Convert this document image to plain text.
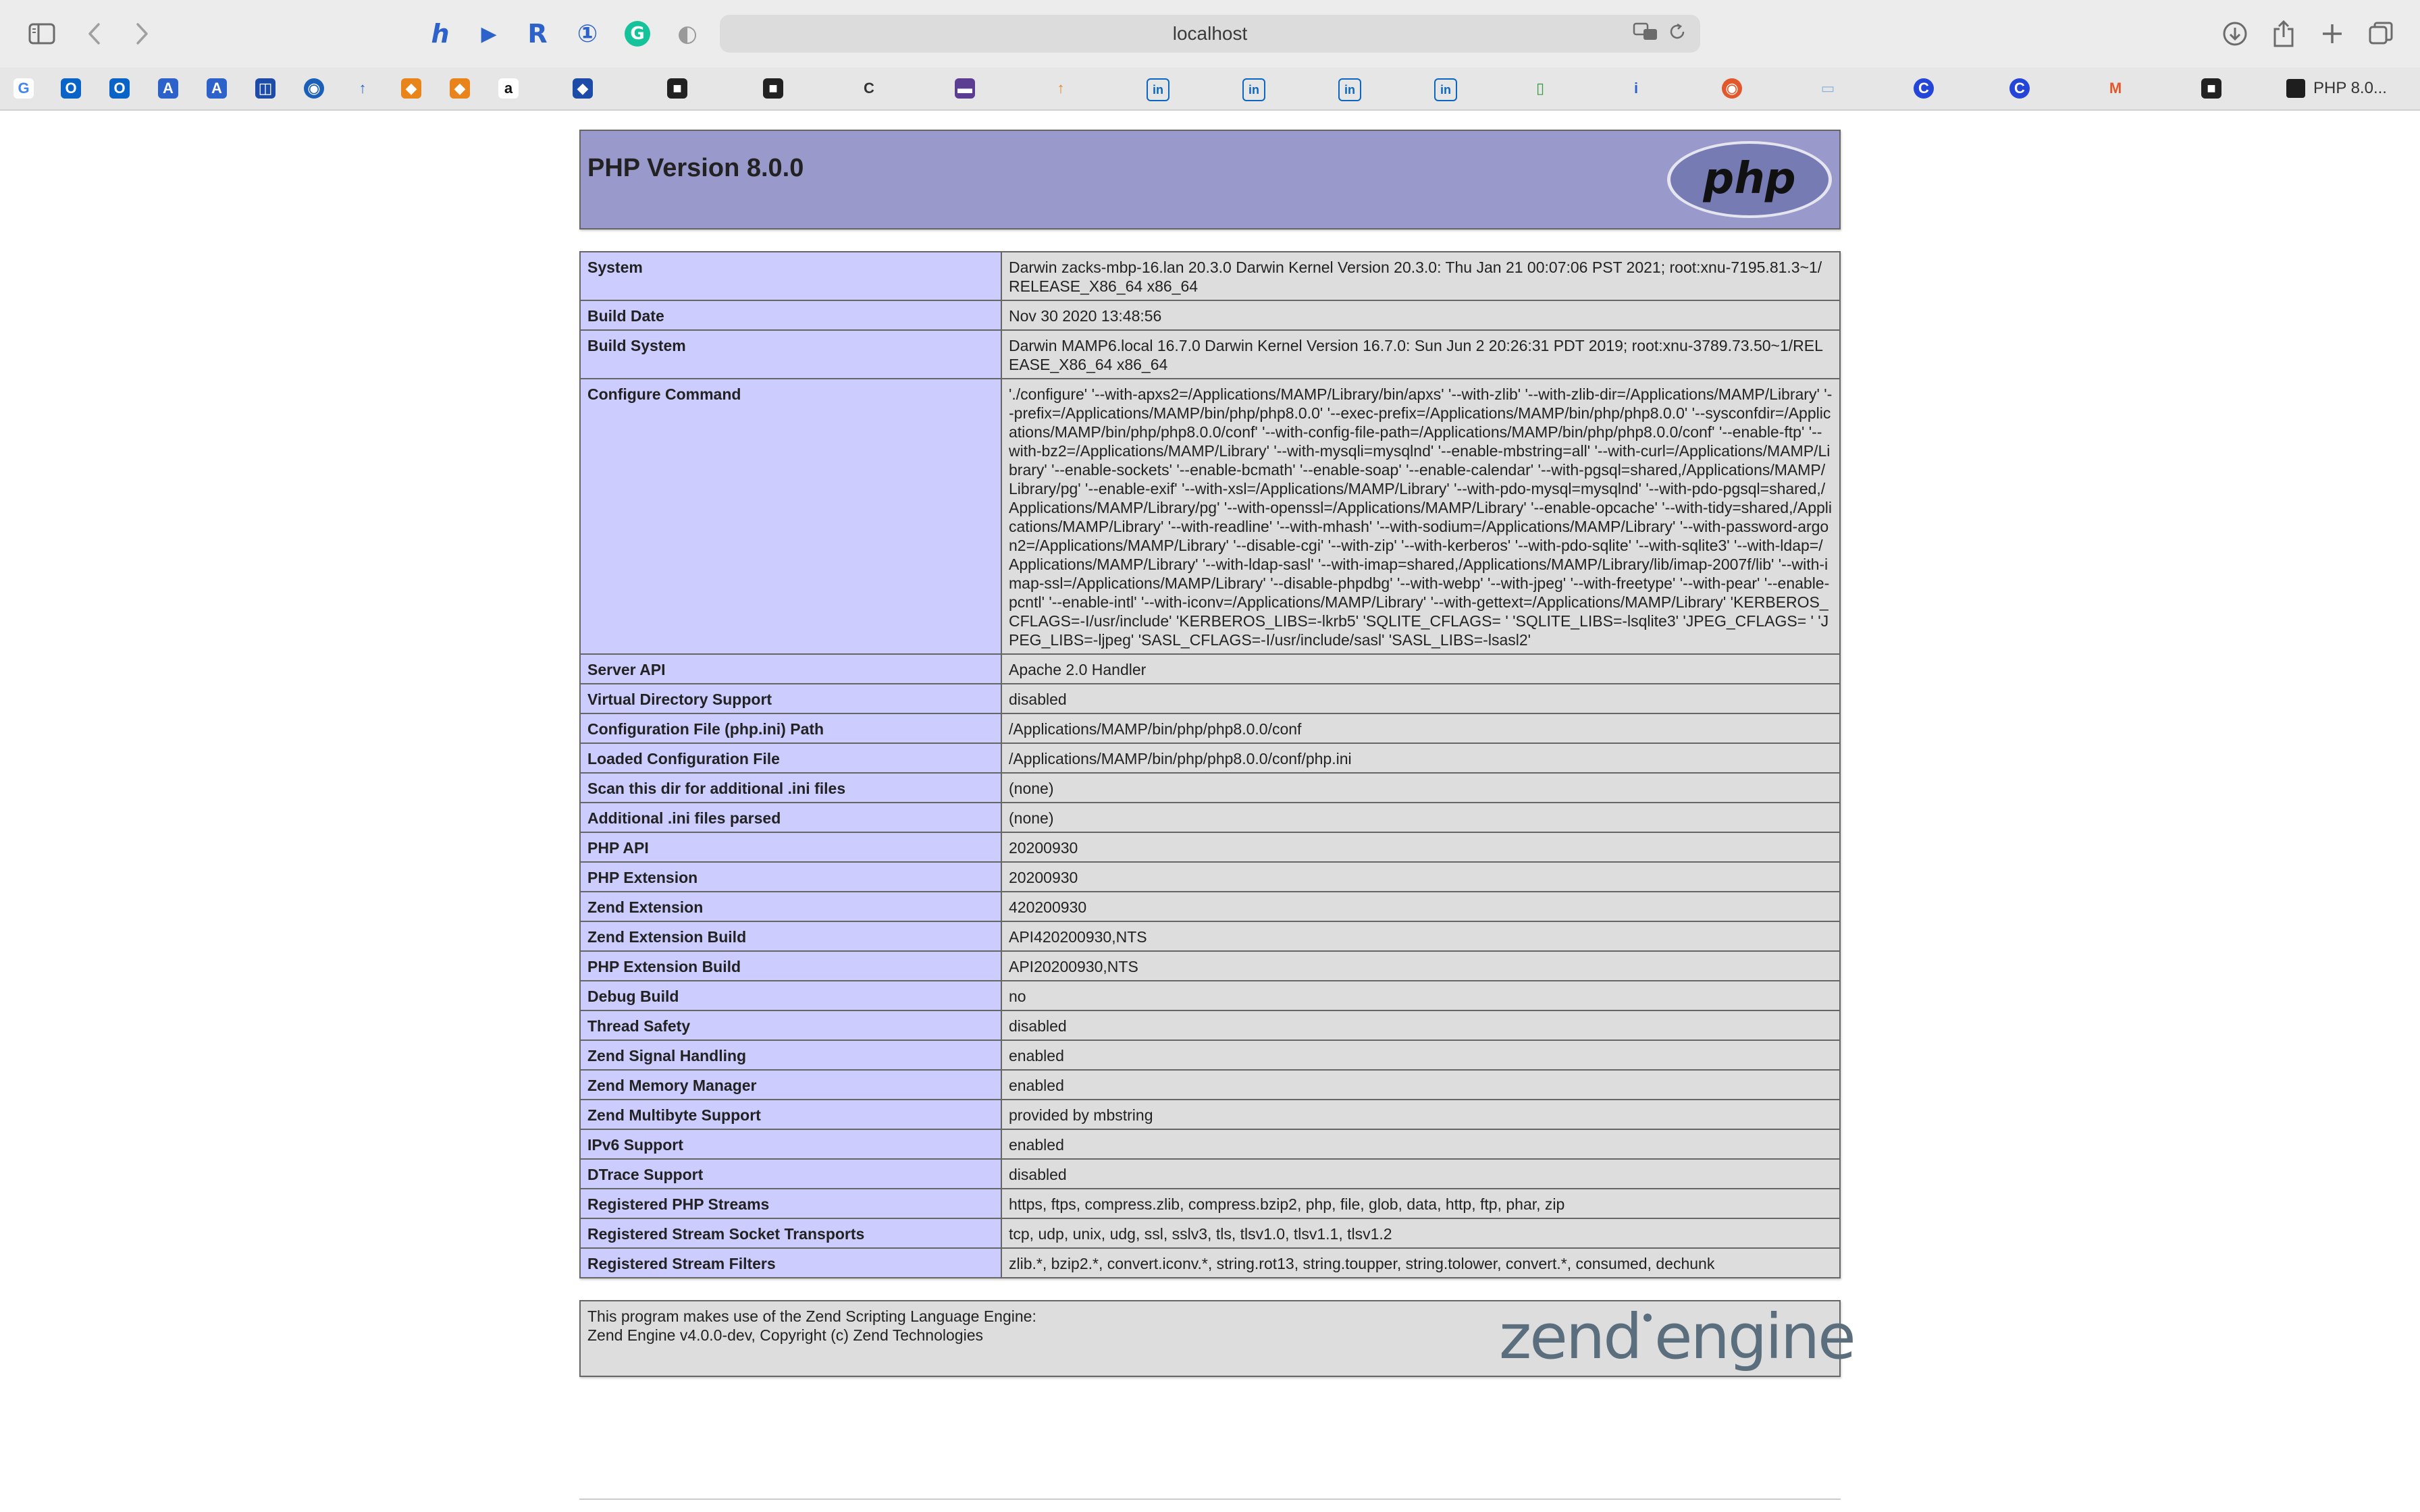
h	▶ R ①	G ◐	localhost
G O O	A	A	◫ ◉	↑	◆	◆	a	◆	■	■	C	▬	↑	in	in	in	in	▯	i	◉	▭	C	C	M	■	PHP 8.0...
PHP Version 8.0.0	php
System	Darwin zacks-mbp-16.lan 20.3.0 Darwin Kernel Version 20.3.0: Thu Jan 21 00:07:06 PST 2021; root:xnu-7195.81.3~1/RELEASE_X86_64 x86_64
Build Date	Nov 30 2020 13:48:56
Build System	Darwin MAMP6.local 16.7.0 Darwin Kernel Version 16.7.0: Sun Jun 2 20:26:31 PDT 2019; root:xnu-3789.73.50~1/RELEASE_X86_64 x86_64
Configure Command	'./configure' '--with-apxs2=/Applications/MAMP/Library/bin/apxs' '--with-zlib' '--with-zlib-dir=/Applications/MAMP/Library' '--prefix=/Applications/MAMP/bin/php/php8.0.0' '--exec-prefix=/Applications/MAMP/bin/php/php8.0.0' '--sysconfdir=/Applications/MAMP/bin/php/php8.0.0/conf' '--with-config-file-path=/Applications/MAMP/bin/php/php8.0.0/conf' '--enable-ftp' '--with-bz2=/Applications/MAMP/Library' '--with-mysqli=mysqlnd' '--enable-mbstring=all' '--with-curl=/Applications/MAMP/Library' '--enable-sockets' '--enable-bcmath' '--enable-soap' '--enable-calendar' '--with-pgsql=shared,/Applications/MAMP/Library/pg' '--enable-exif' '--with-xsl=/Applications/MAMP/Library' '--with-pdo-mysql=mysqlnd' '--with-pdo-pgsql=shared,/Applications/MAMP/Library/pg' '--with-openssl=/Applications/MAMP/Library' '--enable-opcache' '--with-tidy=shared,/Applications/MAMP/Library' '--with-readline' '--with-mhash' '--with-sodium=/Applications/MAMP/Library' '--with-password-argon2=/Applications/MAMP/Library' '--disable-cgi' '--with-zip' '--with-kerberos' '--with-pdo-sqlite' '--with-sqlite3' '--with-ldap=/Applications/MAMP/Library' '--with-ldap-sasl' '--with-imap=shared,/Applications/MAMP/Library/lib/imap-2007f/lib' '--with-imap-ssl=/Applications/MAMP/Library' '--disable-phpdbg' '--with-webp' '--with-jpeg' '--with-freetype' '--with-pear' '--enable-pcntl' '--enable-intl' '--with-iconv=/Applications/MAMP/Library' '--with-gettext=/Applications/MAMP/Library' 'KERBEROS_CFLAGS=-I/usr/include' 'KERBEROS_LIBS=-lkrb5' 'SQLITE_CFLAGS= ' 'SQLITE_LIBS=-lsqlite3' 'JPEG_CFLAGS= ' 'JPEG_LIBS=-ljpeg' 'SASL_CFLAGS=-I/usr/include/sasl' 'SASL_LIBS=-lsasl2'
Server API	Apache 2.0 Handler
Virtual Directory Support	disabled
Configuration File (php.ini) Path	/Applications/MAMP/bin/php/php8.0.0/conf
Loaded Configuration File	/Applications/MAMP/bin/php/php8.0.0/conf/php.ini
Scan this dir for additional .ini files	(none)
Additional .ini files parsed	(none)
PHP API	20200930
PHP Extension	20200930
Zend Extension	420200930
Zend Extension Build	API420200930,NTS
PHP Extension Build	API20200930,NTS
Debug Build	no
Thread Safety	disabled
Zend Signal Handling	enabled
Zend Memory Manager	enabled
Zend Multibyte Support	provided by mbstring
IPv6 Support	enabled
DTrace Support	disabled
Registered PHP Streams	https, ftps, compress.zlib, compress.bzip2, php, file, glob, data, http, ftp, phar, zip
Registered Stream Socket Transports	tcp, udp, unix, udg, ssl, sslv3, tls, tlsv1.0, tlsv1.1, tlsv1.2
Registered Stream Filters	zlib.*, bzip2.*, convert.iconv.*, string.rot13, string.toupper, string.tolower, convert.*, consumed, dechunk
This program makes use of the Zend Scripting Language Engine:
Zend Engine v4.0.0-dev, Copyright (c) Zend Technologies	zend engine
